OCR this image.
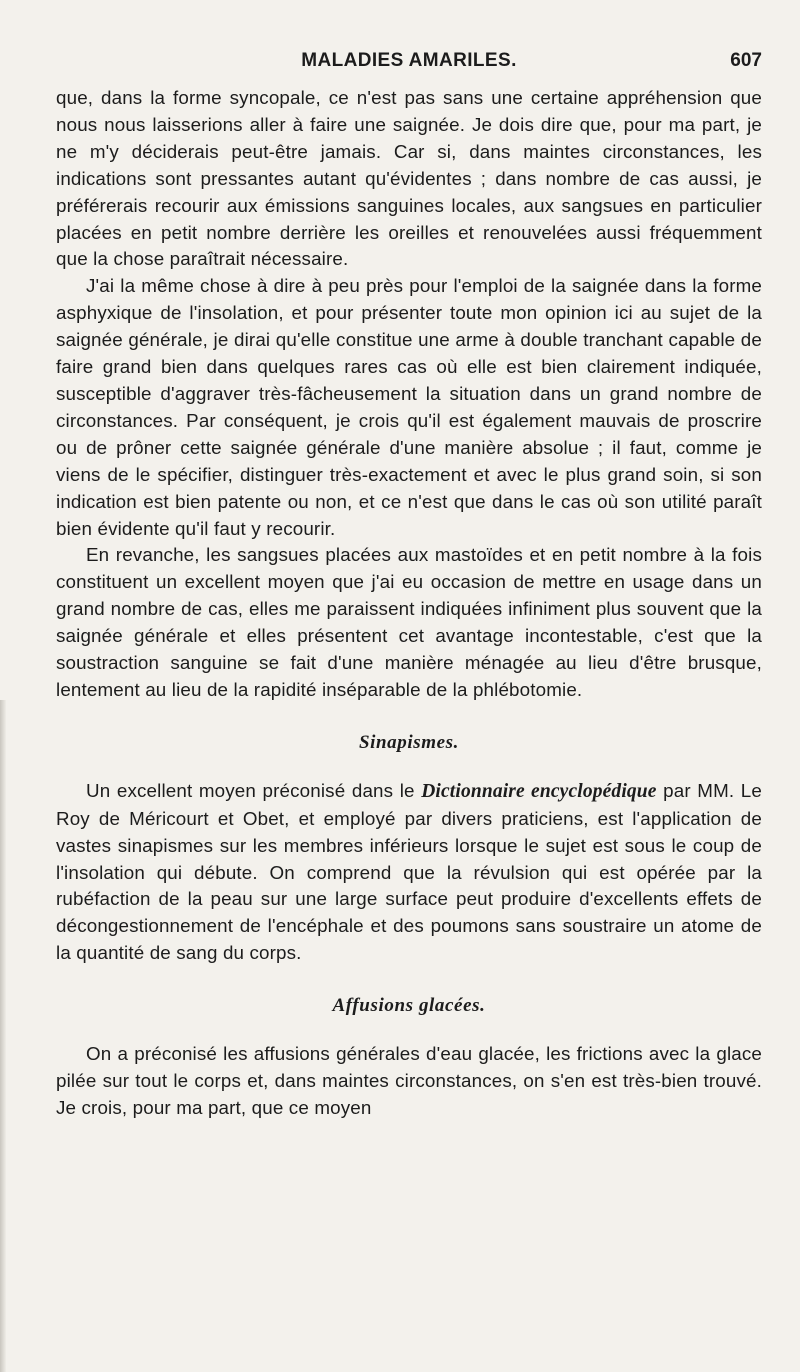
MALADIES AMARILES.	607

que, dans la forme syncopale, ce n'est pas sans une certaine appréhension que nous nous laisserions aller à faire une saignée. Je dois dire que, pour ma part, je ne m'y déciderais peut-être jamais. Car si, dans maintes circonstances, les indications sont pressantes autant qu'évidentes ; dans nombre de cas aussi, je préférerais recourir aux émissions sanguines locales, aux sangsues en particulier placées en petit nombre derrière les oreilles et renouvelées aussi fréquemment que la chose paraîtrait nécessaire.

J'ai la même chose à dire à peu près pour l'emploi de la saignée dans la forme asphyxique de l'insolation, et pour présenter toute mon opinion ici au sujet de la saignée générale, je dirai qu'elle constitue une arme à double tranchant capable de faire grand bien dans quelques rares cas où elle est bien clairement indiquée, susceptible d'aggraver très-fâcheusement la situation dans un grand nombre de circonstances. Par conséquent, je crois qu'il est également mauvais de proscrire ou de prôner cette saignée générale d'une manière absolue ; il faut, comme je viens de le spécifier, distinguer très-exactement et avec le plus grand soin, si son indication est bien patente ou non, et ce n'est que dans le cas où son utilité paraît bien évidente qu'il faut y recourir.

En revanche, les sangsues placées aux mastoïdes et en petit nombre à la fois constituent un excellent moyen que j'ai eu occasion de mettre en usage dans un grand nombre de cas, elles me paraissent indiquées infiniment plus souvent que la saignée générale et elles présentent cet avantage incontestable, c'est que la soustraction sanguine se fait d'une manière ménagée au lieu d'être brusque, lentement au lieu de la rapidité inséparable de la phlébotomie.

Sinapismes.

Un excellent moyen préconisé dans le Dictionnaire encyclopédique par MM. Le Roy de Méricourt et Obet, et employé par divers praticiens, est l'application de vastes sinapismes sur les membres inférieurs lorsque le sujet est sous le coup de l'insolation qui débute. On comprend que la révulsion qui est opérée par la rubéfaction de la peau sur une large surface peut produire d'excellents effets de décongestionnement de l'encéphale et des poumons sans soustraire un atome de la quantité de sang du corps.

Affusions glacées.

On a préconisé les affusions générales d'eau glacée, les frictions avec la glace pilée sur tout le corps et, dans maintes circonstances, on s'en est très-bien trouvé. Je crois, pour ma part, que ce moyen
